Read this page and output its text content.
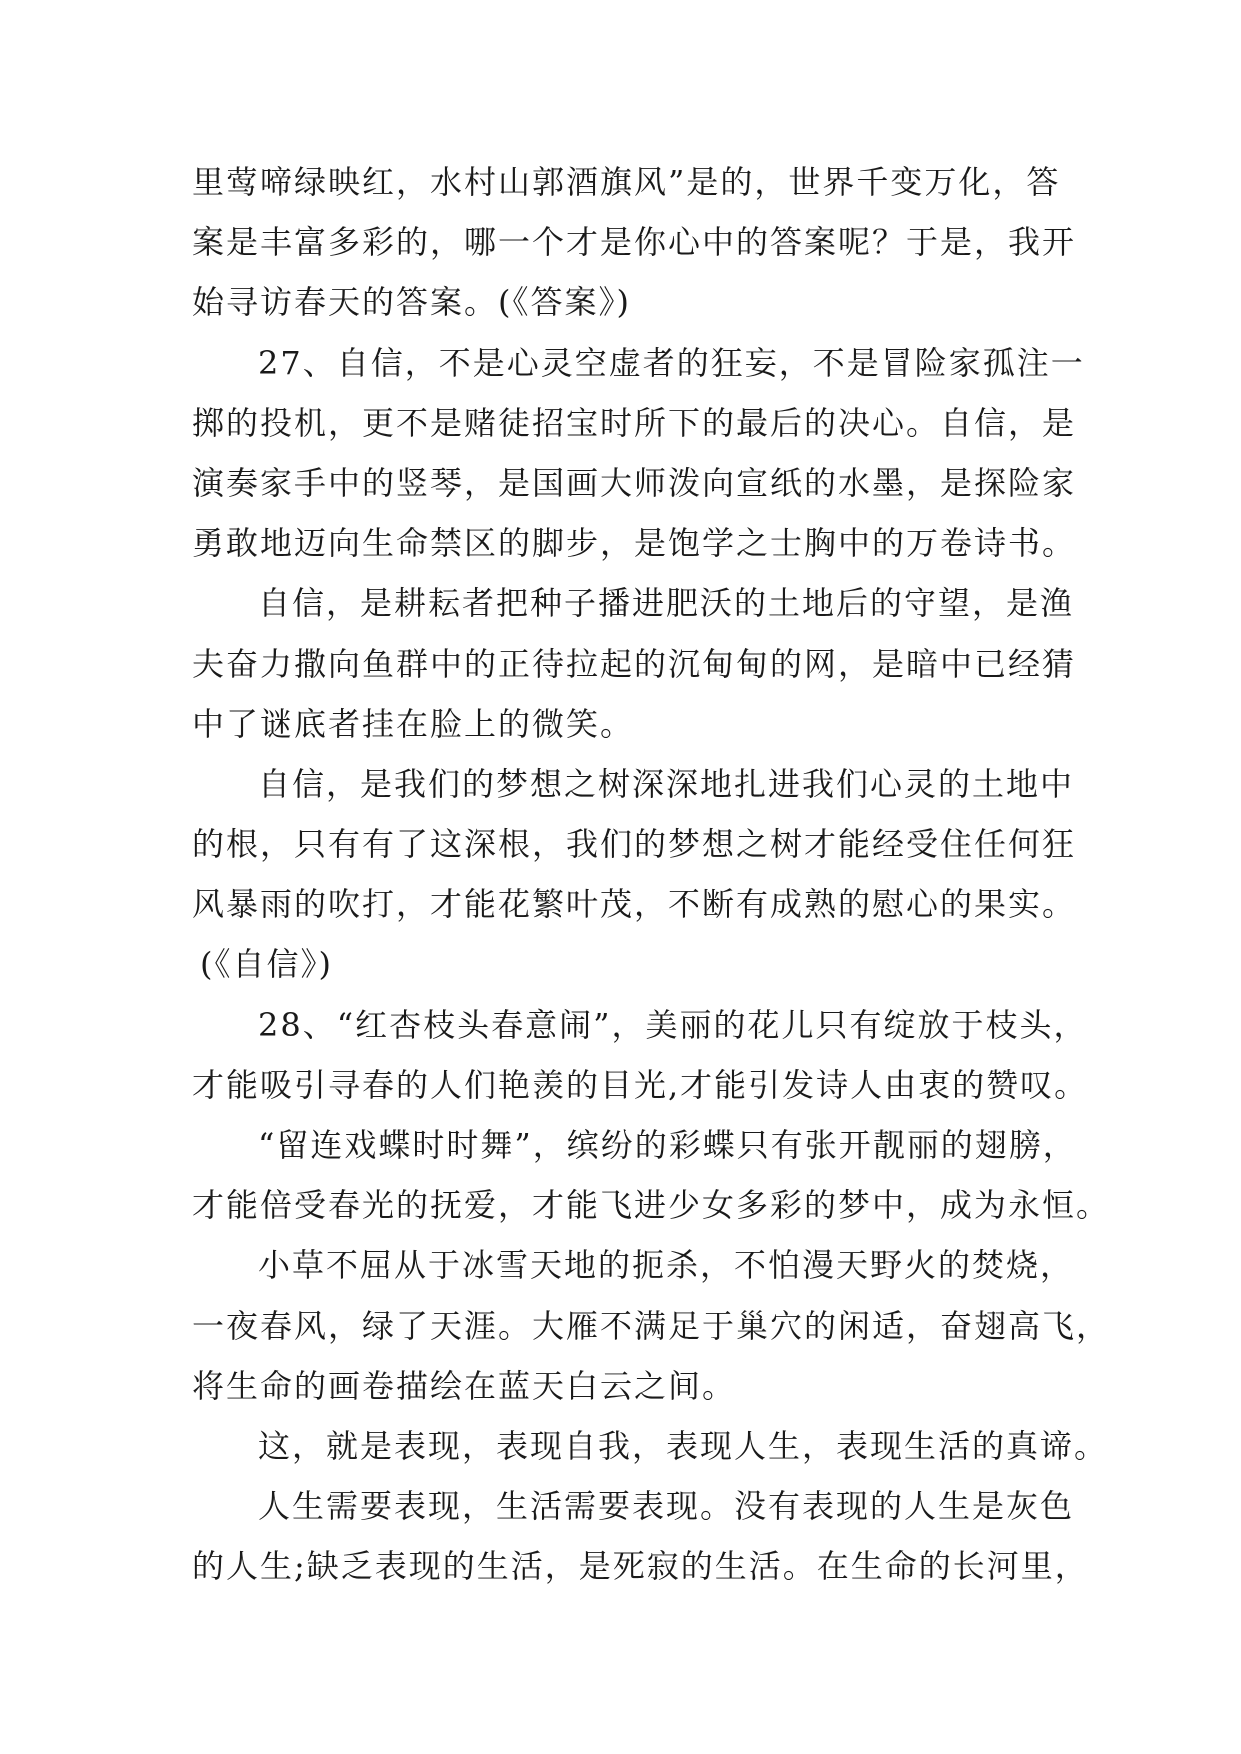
里莺啼绿映红，水村山郭酒旗风”是的，世界千变万化，答
案是丰富多彩的，哪一个才是你心中的答案呢？于是，我开
始寻访春天的答案。(《答案》)
27、自信，不是心灵空虚者的狂妄，不是冒险家孤注一
掷的投机，更不是赌徒招宝时所下的最后的决心。自信，是
演奏家手中的竖琴，是国画大师泼向宣纸的水墨，是探险家
勇敢地迈向生命禁区的脚步，是饱学之士胸中的万卷诗书。
自信，是耕耘者把种子播进肥沃的土地后的守望，是渔
夫奋力撒向鱼群中的正待拉起的沉甸甸的网，是暗中已经猜
中了谜底者挂在脸上的微笑。
自信，是我们的梦想之树深深地扎进我们心灵的土地中
的根，只有有了这深根，我们的梦想之树才能经受住任何狂
风暴雨的吹打，才能花繁叶茂，不断有成熟的慰心的果实。
(《自信》)
28、“红杏枝头春意闹”，美丽的花儿只有绽放于枝头，
才能吸引寻春的人们艳羡的目光,才能引发诗人由衷的赞叹。
“留连戏蝶时时舞”，缤纷的彩蝶只有张开靓丽的翅膀，
才能倍受春光的抚爱，才能飞进少女多彩的梦中，成为永恒。
小草不屈从于冰雪天地的扼杀，不怕漫天野火的焚烧，
一夜春风，绿了天涯。大雁不满足于巢穴的闲适，奋翅高飞，
将生命的画卷描绘在蓝天白云之间。
这，就是表现，表现自我，表现人生，表现生活的真谛。
人生需要表现，生活需要表现。没有表现的人生是灰色
的人生;缺乏表现的生活，是死寂的生活。在生命的长河里，
